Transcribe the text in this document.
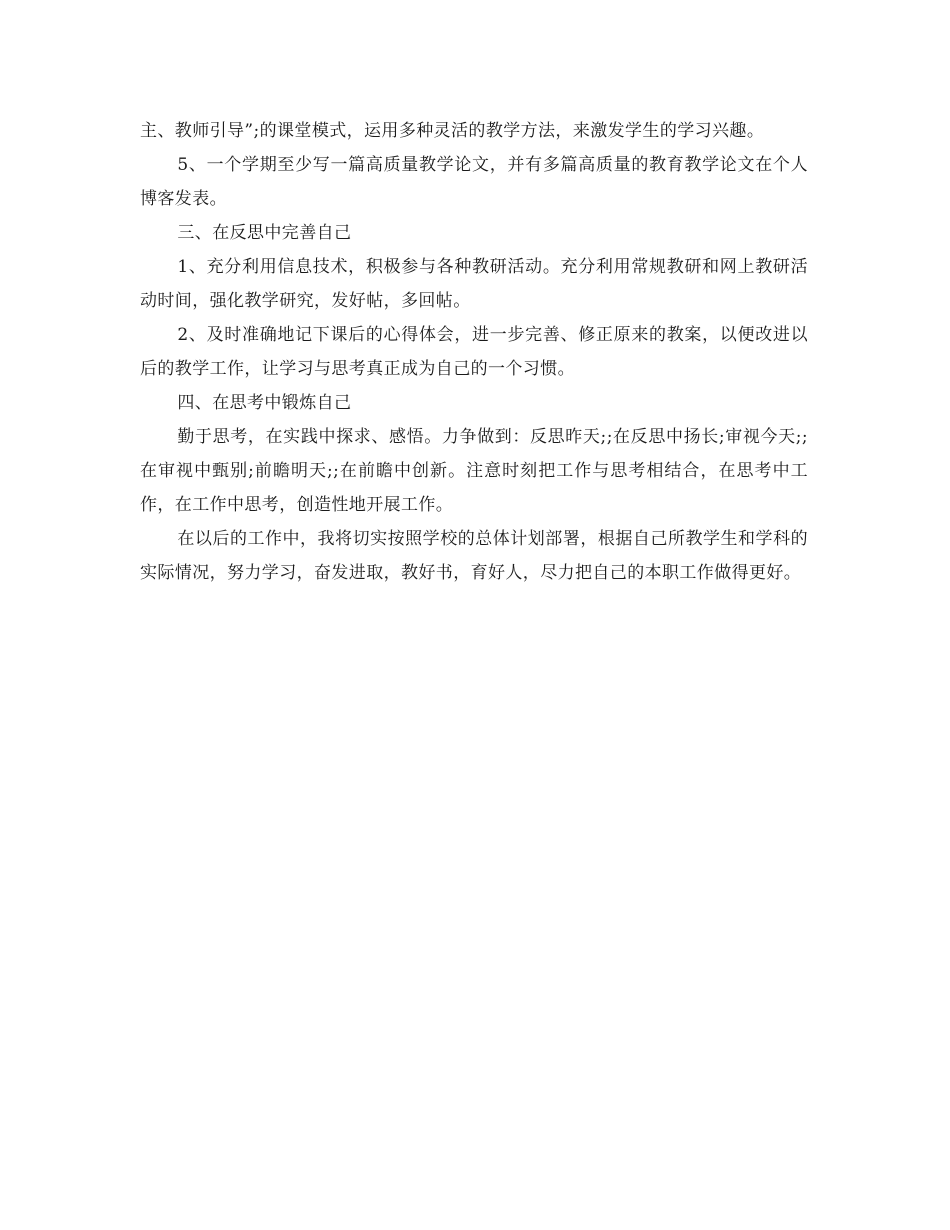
主、教师引导”;的课堂模式，运用多种灵活的教学方法，来激发学生的学习兴趣。

5、一个学期至少写一篇高质量教学论文，并有多篇高质量的教育教学论文在个人博客发表。

三、在反思中完善自己

1、充分利用信息技术，积极参与各种教研活动。充分利用常规教研和网上教研活动时间，强化教学研究，发好帖，多回帖。

2、及时准确地记下课后的心得体会，进一步完善、修正原来的教案，以便改进以后的教学工作，让学习与思考真正成为自己的一个习惯。

四、在思考中锻炼自己

勤于思考，在实践中探求、感悟。力争做到：反思昨天;;在反思中扬长;审视今天;;在审视中甄别;前瞻明天;;在前瞻中创新。注意时刻把工作与思考相结合，在思考中工作，在工作中思考，创造性地开展工作。

在以后的工作中，我将切实按照学校的总体计划部署，根据自己所教学生和学科的实际情况，努力学习，奋发进取，教好书，育好人，尽力把自己的本职工作做得更好。
